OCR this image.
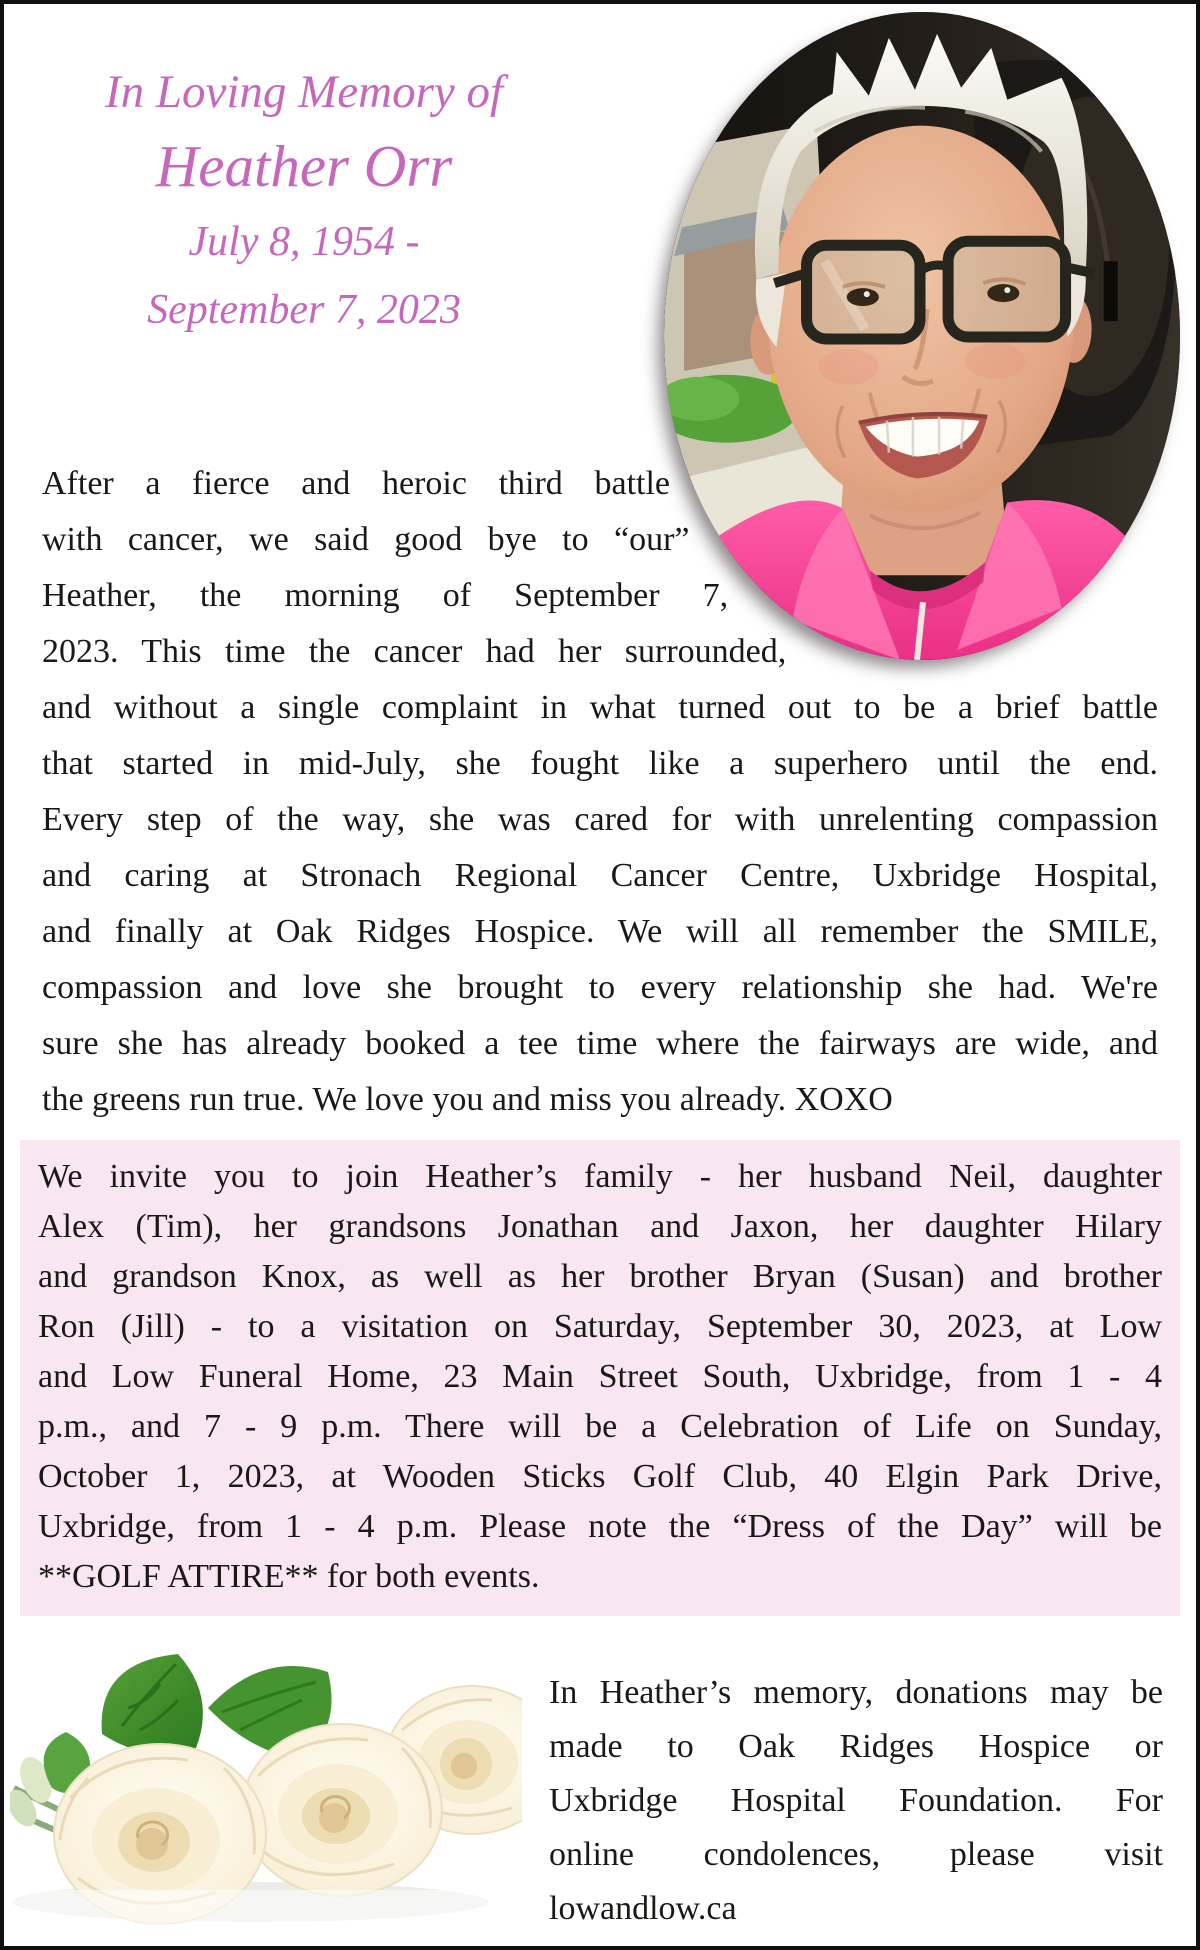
In Loving Memory of
Heather Orr
July 8, 1954 -
September 7, 2023
After a fierce and heroic third battle
with cancer, we said good bye to “our”
Heather, the morning of September 7,
2023. This time the cancer had her surrounded,
and without a single complaint in what turned out to be a brief battle
that started in mid-July, she fought like a superhero until the end.
Every step of the way, she was cared for with unrelenting compassion
and caring at Stronach Regional Cancer Centre, Uxbridge Hospital,
and finally at Oak Ridges Hospice. We will all remember the SMILE,
compassion and love she brought to every relationship she had. We're
sure she has already booked a tee time where the fairways are wide, and
the greens run true. We love you and miss you already. XOXO
We invite you to join Heather’s family - her husband Neil, daughter
Alex (Tim), her grandsons Jonathan and Jaxon, her daughter Hilary
and grandson Knox, as well as her brother Bryan (Susan) and brother
Ron (Jill) - to a visitation on Saturday, September 30, 2023, at Low
and Low Funeral Home, 23 Main Street South, Uxbridge, from 1 - 4
p.m., and 7 - 9 p.m. There will be a Celebration of Life on Sunday,
October 1, 2023, at Wooden Sticks Golf Club, 40 Elgin Park Drive,
Uxbridge, from 1 - 4 p.m. Please note the “Dress of the Day” will be
**GOLF ATTIRE** for both events.
In Heather’s memory, donations may be
made to Oak Ridges Hospice or
Uxbridge Hospital Foundation. For
online condolences, please visit
lowandlow.ca
